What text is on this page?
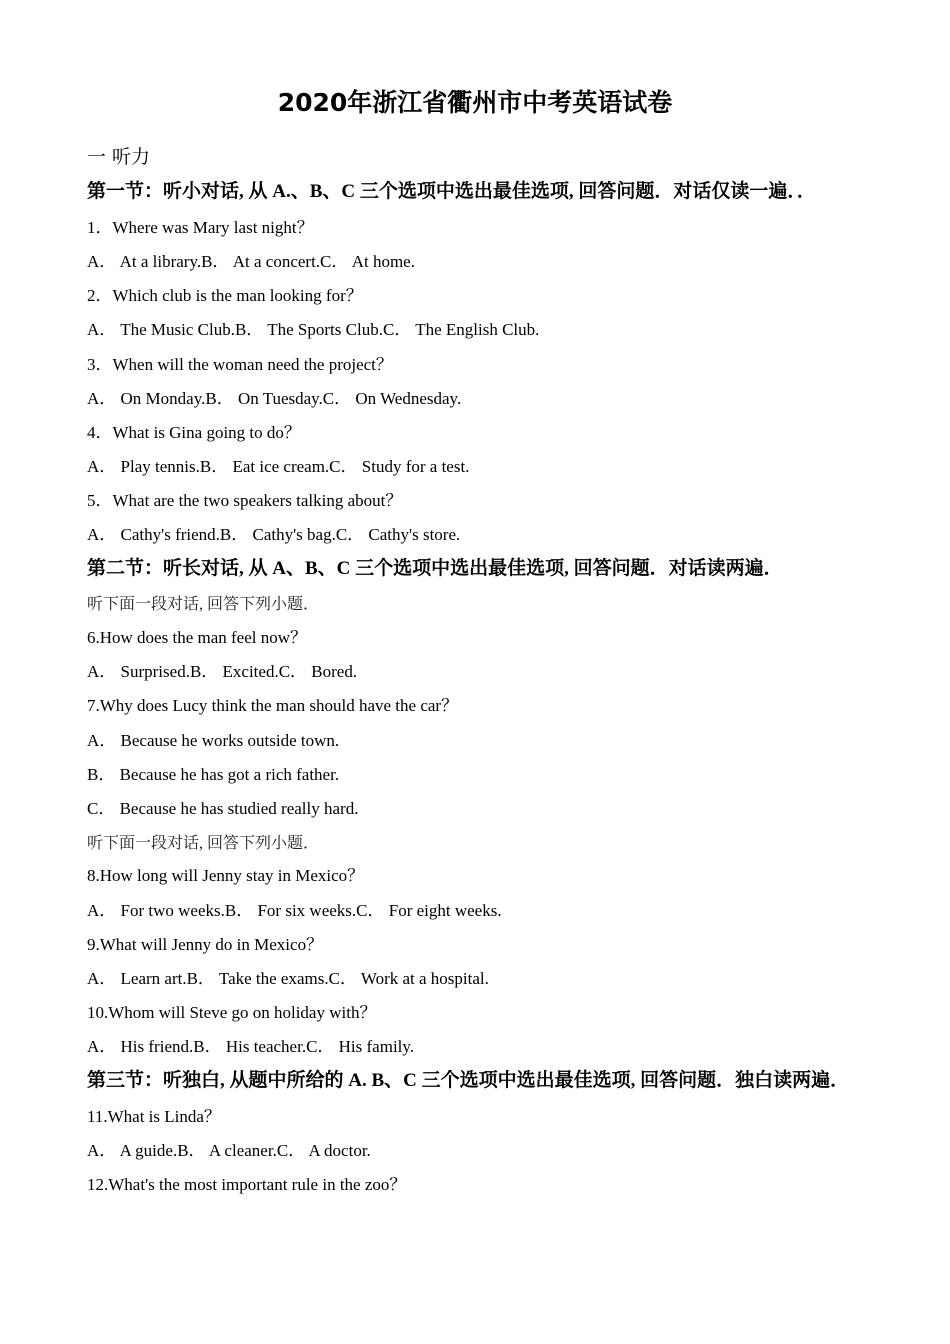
2020年浙江省衢州市中考英语试卷
一 听力
第一节：听小对话, 从 A.、B、C 三个选项中选出最佳选项, 回答问题．对话仅读一遍．．
1．Where was Mary last night？
A． At a library.B． At a concert.C． At home.
2．Which club is the man looking for？
A． The Music Club.B． The Sports Club.C． The English Club.
3．When will the woman need the project？
A． On Monday.B． On Tuesday.C． On Wednesday.
4．What is Gina going to do？
A． Play tennis.B． Eat ice cream.C． Study for a test.
5．What are the two speakers talking about？
A． Cathy's friend.B． Cathy's bag.C． Cathy's store.
第二节：听长对话, 从 A、B、C 三个选项中选出最佳选项, 回答问题．对话读两遍．
听下面一段对话, 回答下列小题．
6.How does the man feel now？
A． Surprised.B． Excited.C． Bored.
7.Why does Lucy think the man should have the car？
A． Because he works outside town.
B． Because he has got a rich father.
C． Because he has studied really hard.
听下面一段对话, 回答下列小题．
8.How long will Jenny stay in Mexico？
A． For two weeks.B． For six weeks.C． For eight weeks.
9.What will Jenny do in Mexico？
A． Learn art.B． Take the exams.C． Work at a hospital.
10.Whom will Steve go on holiday with？
A． His friend.B． His teacher.C． His family.
第三节：听独白, 从题中所给的 A. B、C 三个选项中选出最佳选项, 回答问题．独白读两遍．
11.What is Linda？
A． A guide.B． A cleaner.C． A doctor.
12.What's the most important rule in the zoo？
